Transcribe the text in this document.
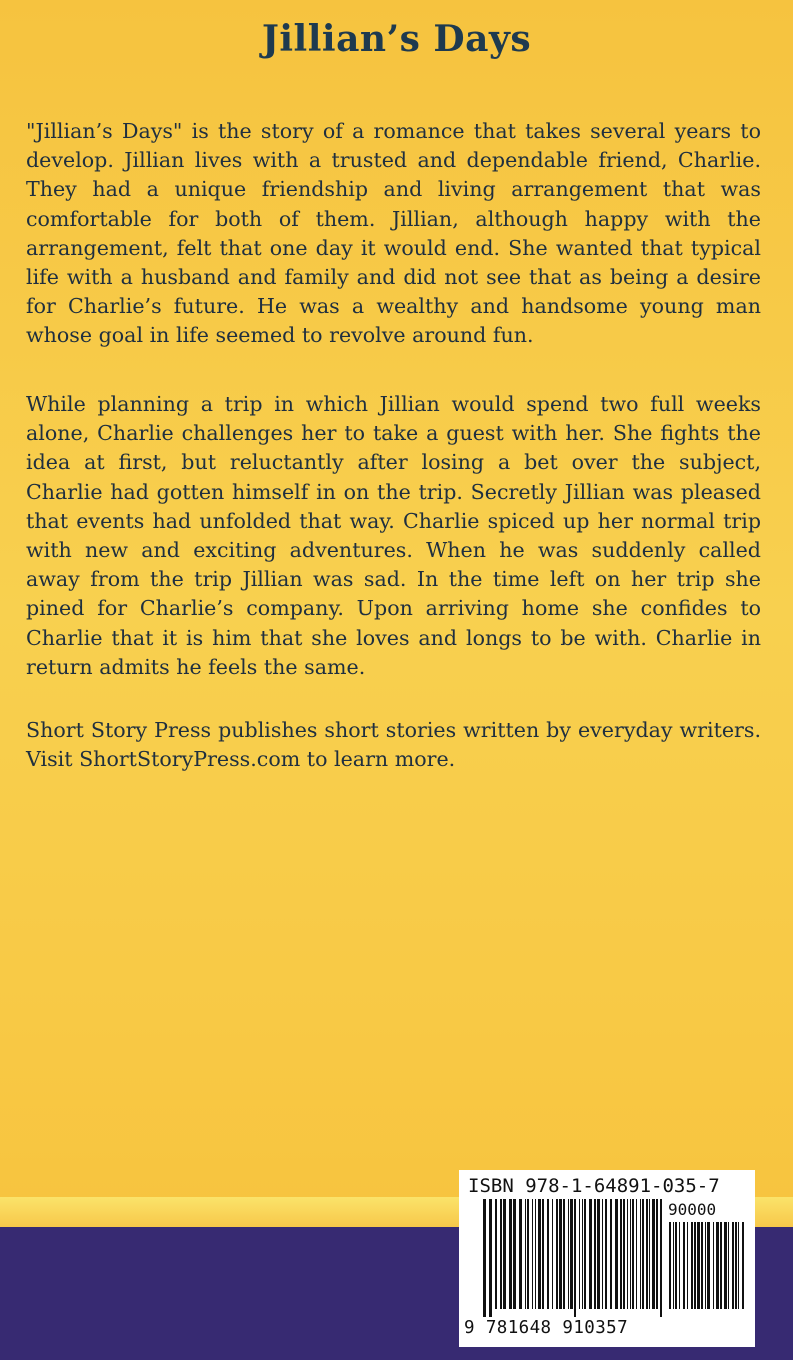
Jillian’s Days

"Jillian’s Days" is the story of a romance that takes several years to develop. Jillian lives with a trusted and dependable friend, Charlie. They had a unique friendship and living arrangement that was comfortable for both of them. Jillian, although happy with the arrangement, felt that one day it would end. She wanted that typical life with a husband and family and did not see that as being a desire for Charlie’s future. He was a wealthy and handsome young man whose goal in life seemed to revolve around fun.

While planning a trip in which Jillian would spend two full weeks alone, Charlie challenges her to take a guest with her. She fights the idea at first, but reluctantly after losing a bet over the subject, Charlie had gotten himself in on the trip. Secretly Jillian was pleased that events had unfolded that way. Charlie spiced up her normal trip with new and exciting adventures. When he was suddenly called away from the trip Jillian was sad. In the time left on her trip she pined for Charlie’s company. Upon arriving home she confides to Charlie that it is him that she loves and longs to be with. Charlie in return admits he feels the same.

Short Story Press publishes short stories written by everyday writers. Visit ShortStoryPress.com to learn more.

ISBN 978-1-64891-035-7
90000
9 781648 910357
